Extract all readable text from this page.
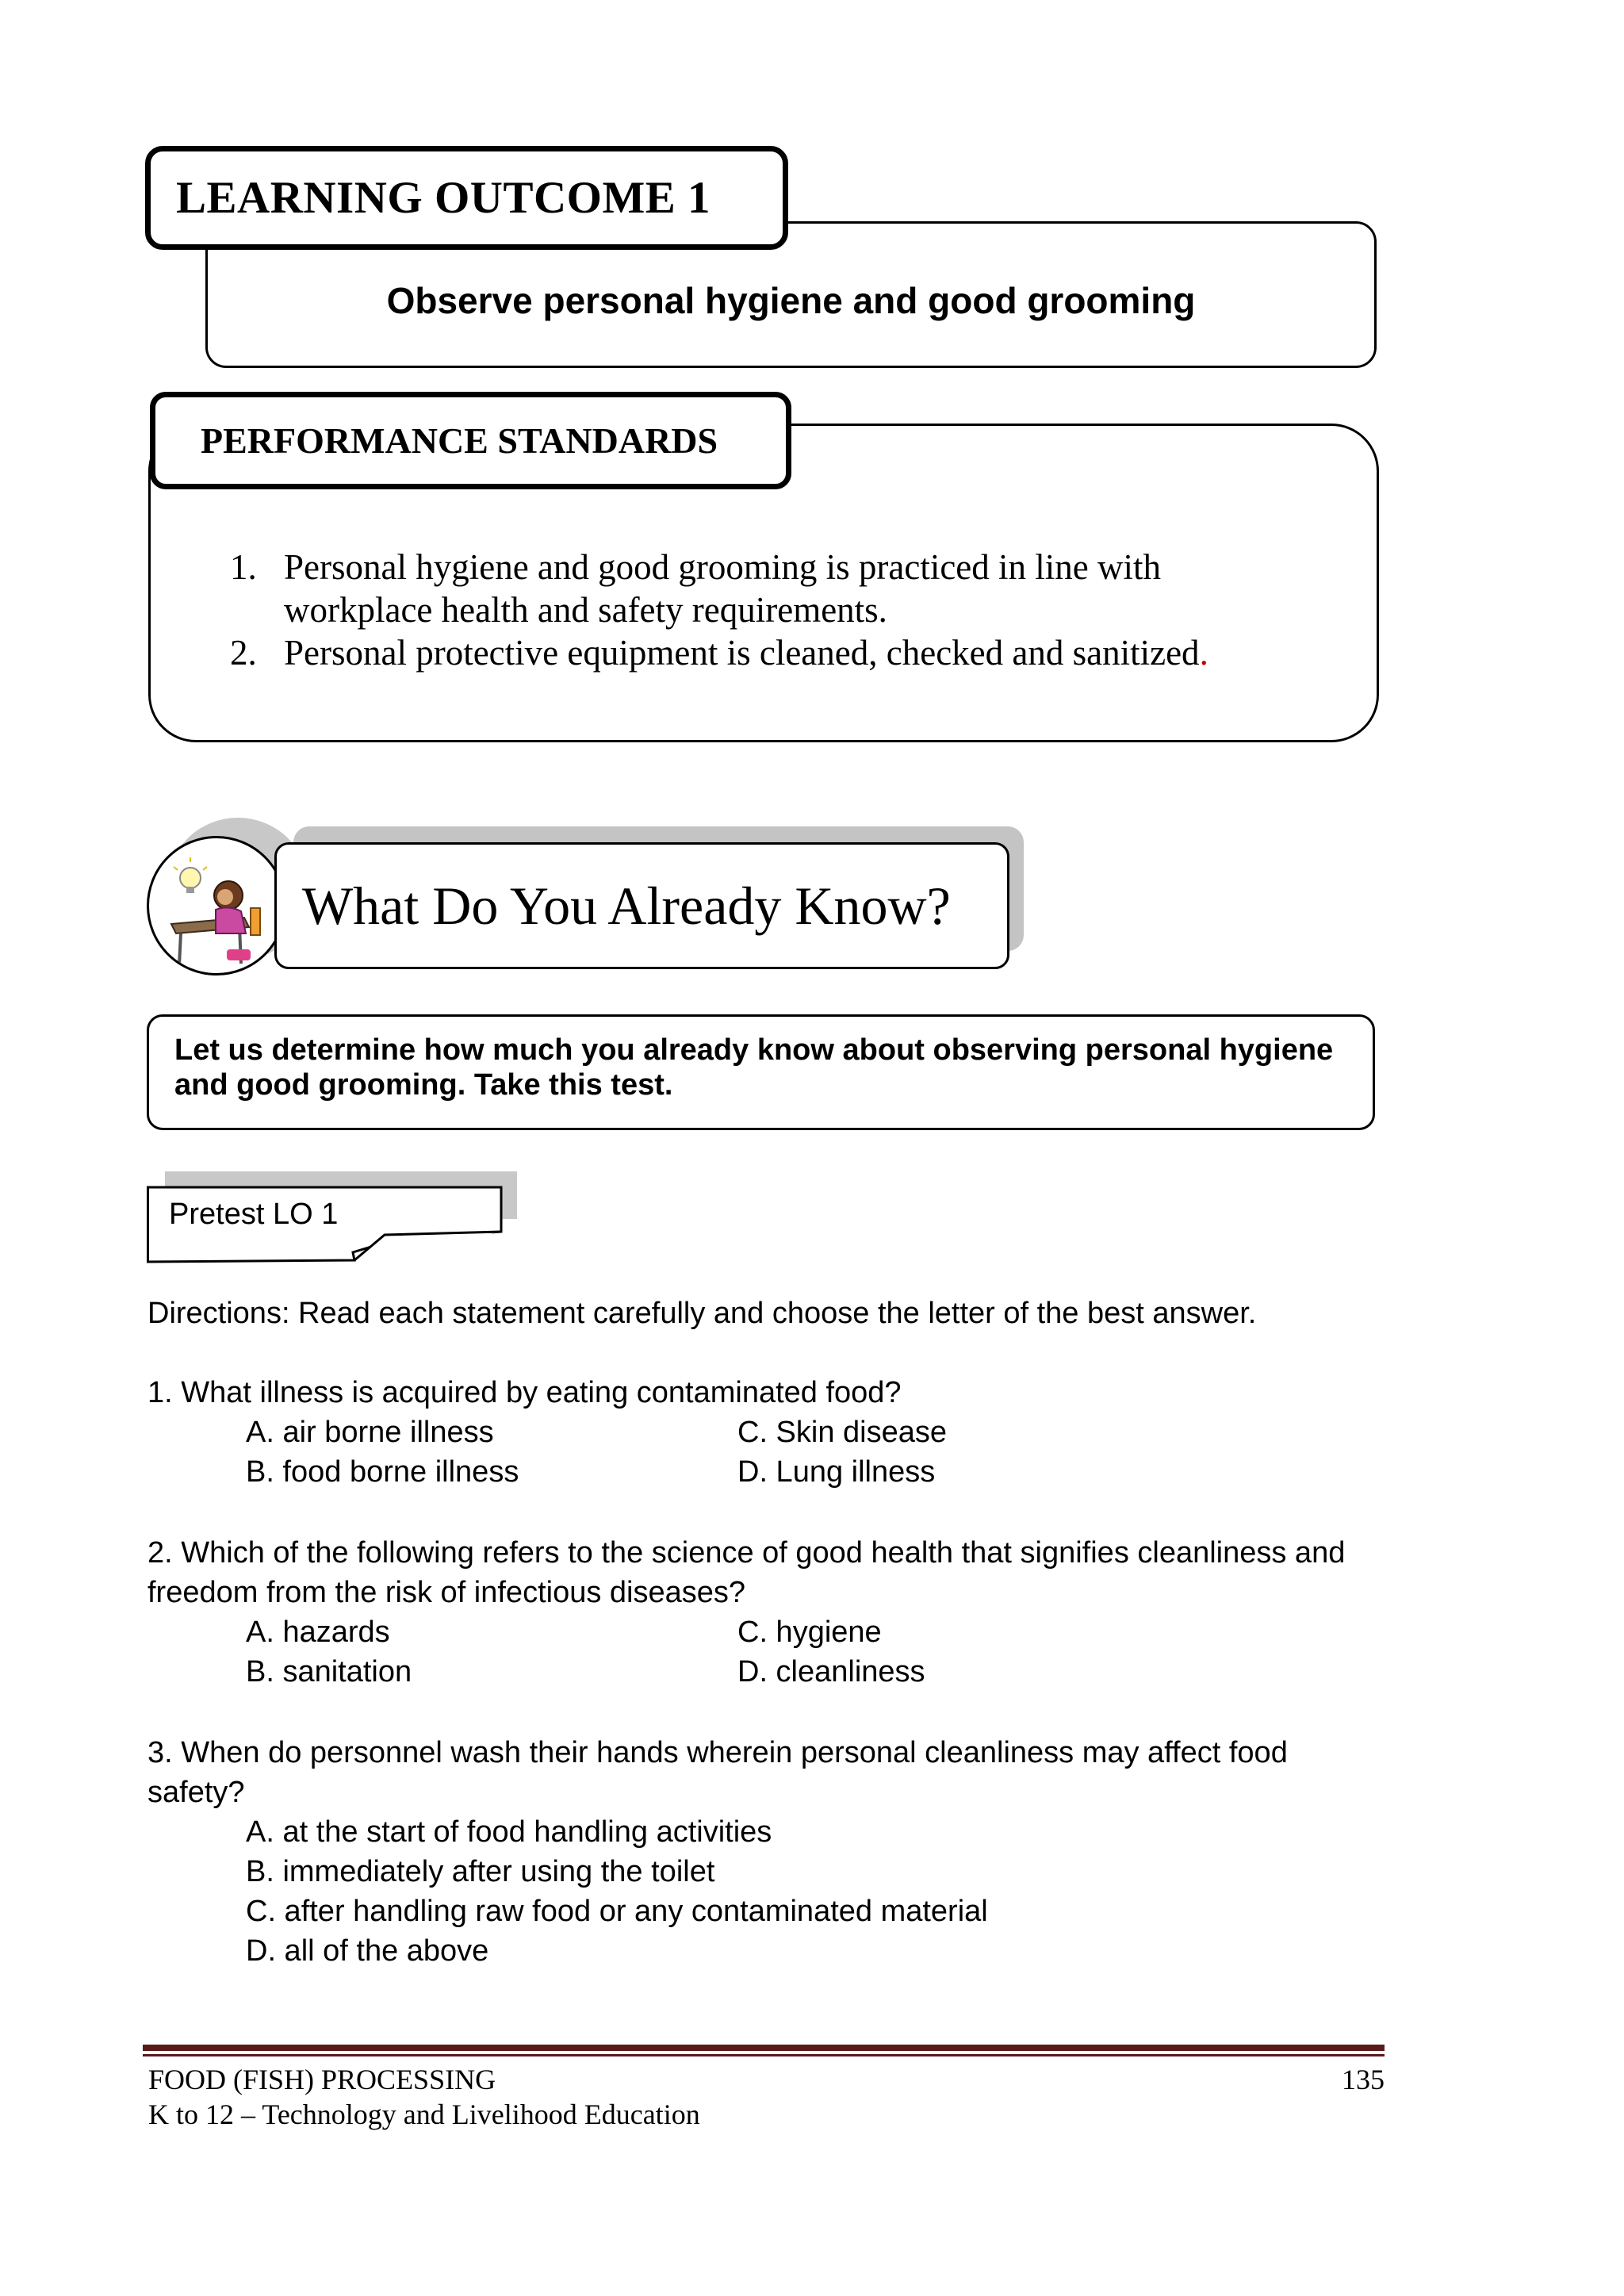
LEARNING OUTCOME 1
Observe personal hygiene and good grooming
PERFORMANCE STANDARDS
1. Personal hygiene and good grooming is practiced in line with
workplace health and safety requirements.
2. Personal protective equipment is cleaned, checked and sanitized.
What Do You Already Know?
Let us determine how much you already know about observing personal hygiene
and good grooming. Take this test.
Pretest LO 1
Directions: Read each statement carefully and choose the letter of the best answer.
1. What illness is acquired by eating contaminated food?
A. air borne illness
B. food borne illness
C. Skin disease
D. Lung illness
2. Which of the following refers to the science of good health that signifies cleanliness and
freedom from the risk of infectious diseases?
A. hazards
B. sanitation
C. hygiene
D. cleanliness
3. When do personnel wash their hands wherein personal cleanliness may affect food
safety?
A. at the start of food handling activities
B. immediately after using the toilet
C. after handling raw food or any contaminated material
D. all of the above
FOOD (FISH) PROCESSING
K to 12 – Technology and Livelihood Education
135
